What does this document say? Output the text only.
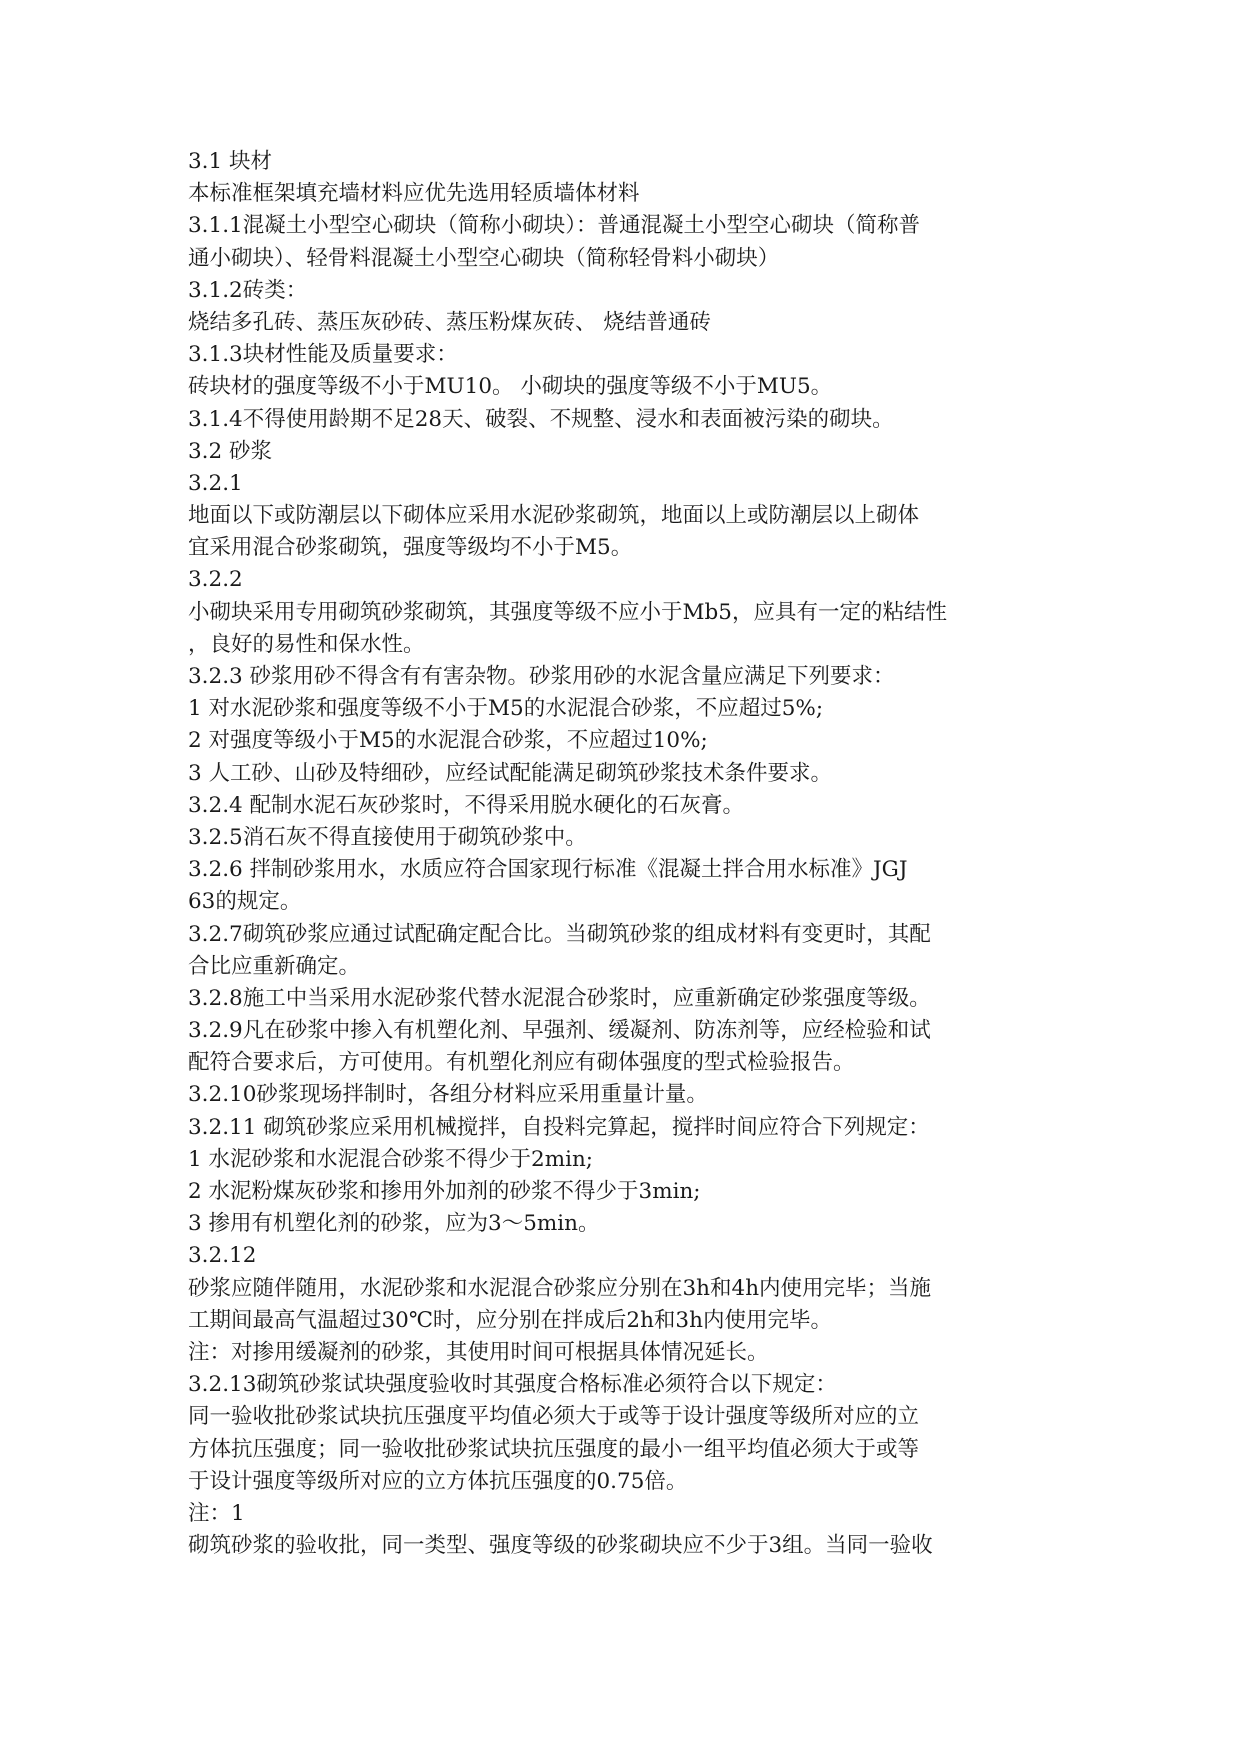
3.1 块材
本标准框架填充墙材料应优先选用轻质墙体材料
3.1.1混凝土小型空心砌块（简称小砌块）：普通混凝土小型空心砌块（简称普
通小砌块）、轻骨料混凝土小型空心砌块（简称轻骨料小砌块）
3.1.2砖类：
烧结多孔砖、蒸压灰砂砖、蒸压粉煤灰砖、 烧结普通砖
3.1.3块材性能及质量要求：
砖块材的强度等级不小于MU10。 小砌块的强度等级不小于MU5。
3.1.4不得使用龄期不足28天、破裂、不规整、浸水和表面被污染的砌块。
3.2 砂浆
3.2.1
地面以下或防潮层以下砌体应采用水泥砂浆砌筑，地面以上或防潮层以上砌体
宜采用混合砂浆砌筑，强度等级均不小于M5。
3.2.2
小砌块采用专用砌筑砂浆砌筑，其强度等级不应小于Mb5，应具有一定的粘结性
，良好的易性和保水性。
3.2.3 砂浆用砂不得含有有害杂物。砂浆用砂的水泥含量应满足下列要求：
1 对水泥砂浆和强度等级不小于M5的水泥混合砂浆，不应超过5%;
2 对强度等级小于M5的水泥混合砂浆，不应超过10%;
3 人工砂、山砂及特细砂，应经试配能满足砌筑砂浆技术条件要求。
3.2.4 配制水泥石灰砂浆时，不得采用脱水硬化的石灰膏。
3.2.5消石灰不得直接使用于砌筑砂浆中。
3.2.6 拌制砂浆用水，水质应符合国家现行标准《混凝土拌合用水标准》JGJ
63的规定。
3.2.7砌筑砂浆应通过试配确定配合比。当砌筑砂浆的组成材料有变更时，其配
合比应重新确定。
3.2.8施工中当采用水泥砂浆代替水泥混合砂浆时，应重新确定砂浆强度等级。
3.2.9凡在砂浆中掺入有机塑化剂、早强剂、缓凝剂、防冻剂等，应经检验和试
配符合要求后，方可使用。有机塑化剂应有砌体强度的型式检验报告。
3.2.10砂浆现场拌制时，各组分材料应采用重量计量。
3.2.11 砌筑砂浆应采用机械搅拌，自投料完算起，搅拌时间应符合下列规定：
1 水泥砂浆和水泥混合砂浆不得少于2min;
2 水泥粉煤灰砂浆和掺用外加剂的砂浆不得少于3min;
3 掺用有机塑化剂的砂浆，应为3～5min。
3.2.12
砂浆应随伴随用，水泥砂浆和水泥混合砂浆应分别在3h和4h内使用完毕；当施
工期间最高气温超过30℃时，应分别在拌成后2h和3h内使用完毕。
注：对掺用缓凝剂的砂浆，其使用时间可根据具体情况延长。
3.2.13砌筑砂浆试块强度验收时其强度合格标准必须符合以下规定：
同一验收批砂浆试块抗压强度平均值必须大于或等于设计强度等级所对应的立
方体抗压强度；同一验收批砂浆试块抗压强度的最小一组平均值必须大于或等
于设计强度等级所对应的立方体抗压强度的0.75倍。
注：1
砌筑砂浆的验收批，同一类型、强度等级的砂浆砌块应不少于3组。当同一验收
